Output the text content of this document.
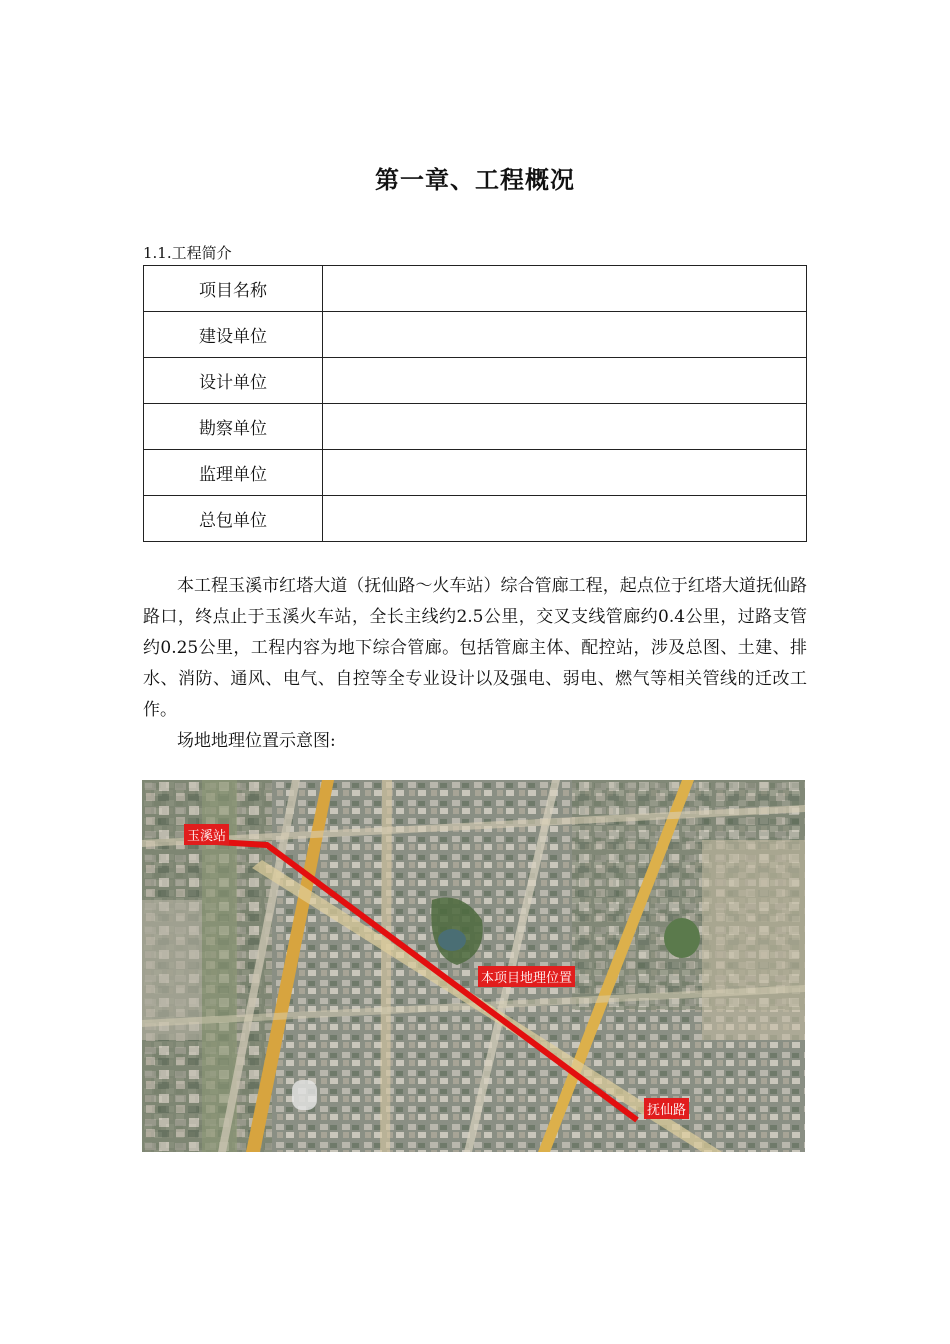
第一章、工程概况
1.1.工程简介
项目名称	
建设单位	
设计单位	
勘察单位	
监理单位	
总包单位	

本工程玉溪市红塔大道（抚仙路～火车站）综合管廊工程，起点位于红塔大道抚仙路路口，终点止于玉溪火车站，全长主线约2.5公里，交叉支线管廊约0.4公里，过路支管约0.25公里，工程内容为地下综合管廊。包括管廊主体、配控站，涉及总图、土建、排水、消防、通风、电气、自控等全专业设计以及强电、弱电、燃气等相关管线的迁改工作。

场地地理位置示意图:

玉溪站
本项目地理位置
抚仙路
